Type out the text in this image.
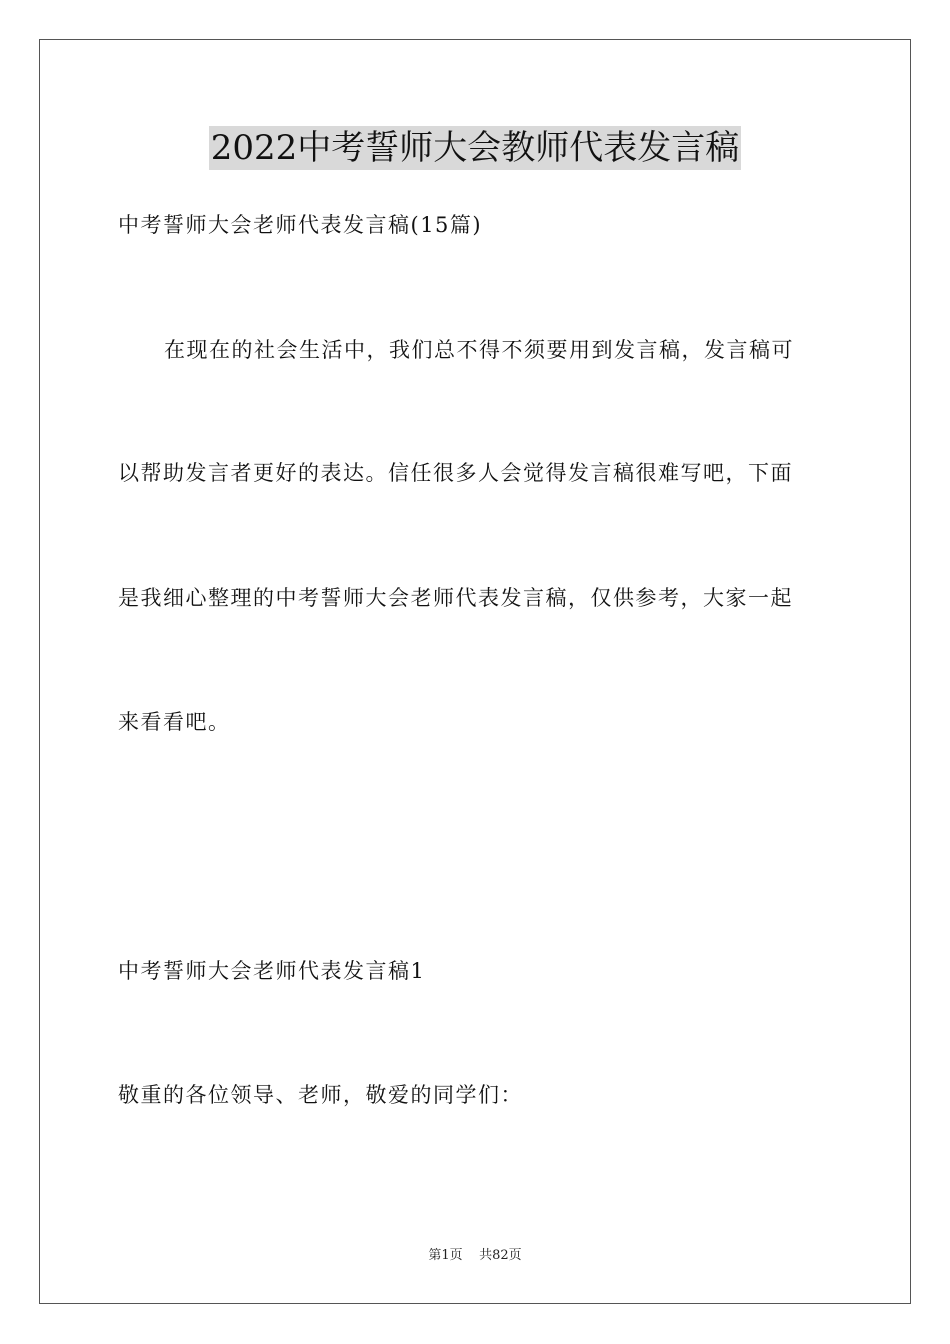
2022中考誓师大会教师代表发言稿
中考誓师大会老师代表发言稿(15篇)
在现在的社会生活中，我们总不得不须要用到发言稿，发言稿可
以帮助发言者更好的表达。信任很多人会觉得发言稿很难写吧，下面
是我细心整理的中考誓师大会老师代表发言稿，仅供参考，大家一起
来看看吧。
中考誓师大会老师代表发言稿1
敬重的各位领导、老师，敬爱的同学们：
第1页 共82页
